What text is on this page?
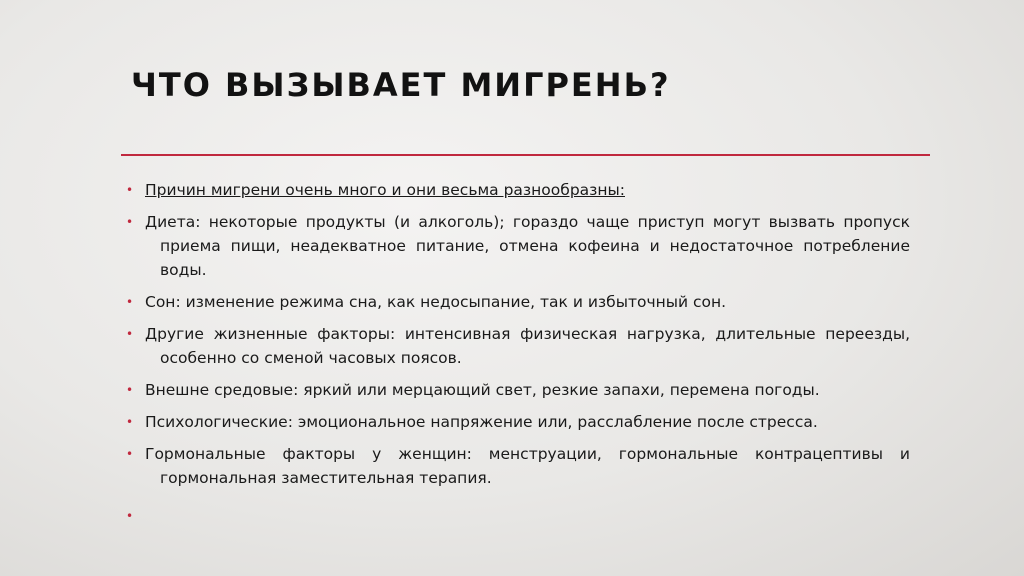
ЧТО ВЫЗЫВАЕТ МИГРЕНЬ?
• Причин мигрени очень много и они весьма разнообразны:
• Диета: некоторые продукты (и алкоголь); гораздо чаще приступ могут вызвать пропуск приема пищи, неадекватное питание, отмена кофеина и недостаточное потребление воды.
• Сон: изменение режима сна, как недосыпание, так и избыточный сон.
• Другие жизненные факторы: интенсивная физическая нагрузка, длительные переезды, особенно со сменой часовых поясов.
• Внешне средовые: яркий или мерцающий свет, резкие запахи, перемена погоды.
• Психологические: эмоциональное напряжение или, расслабление после стресса.
• Гормональные факторы у женщин: менструации, гормональные контрацептивы и гормональная заместительная терапия.
•
